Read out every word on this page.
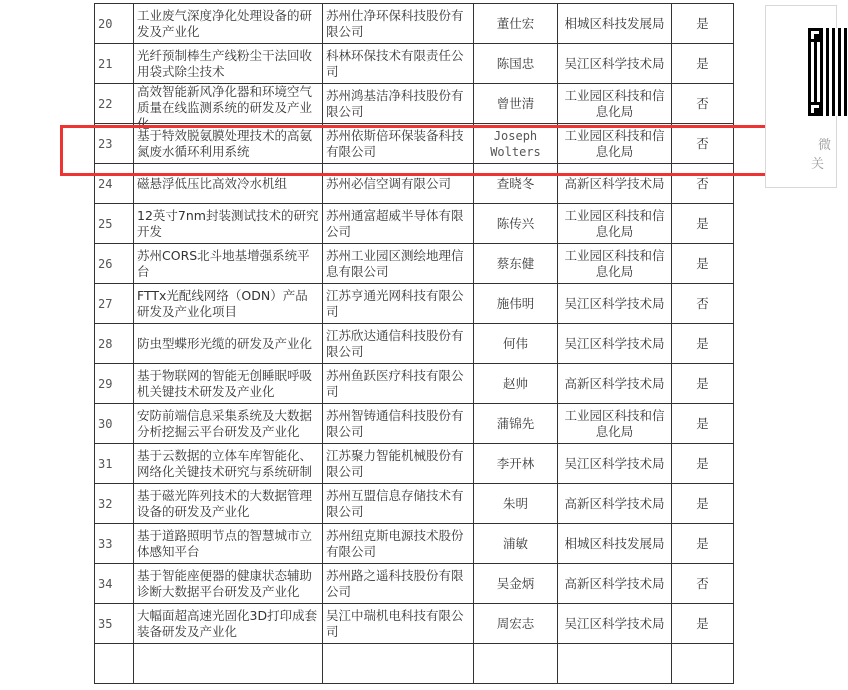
20	工业废气深度净化处理设备的研发及产业化	苏州仕净环保科技股份有限公司	董仕宏	相城区科技发展局	是

21	光纤预制棒生产线粉尘干法回收用袋式除尘技术	科林环保技术有限责任公司	陈国忠	吴江区科学技术局	是

22	高效智能新风净化器和环境空气质量在线监测系统的研发及产业化	苏州鸿基洁净科技股份有限公司	曾世清	工业园区科技和信息化局	否

23	基于特效脱氨膜处理技术的高氨氮废水循环利用系统	苏州依斯倍环保装备科技有限公司	Joseph Wolters	工业园区科技和信息化局	否

24	磁悬浮低压比高效冷水机组	苏州必信空调有限公司	查晓冬	高新区科学技术局	否

25	12英寸7nm封装测试技术的研究开发	苏州通富超威半导体有限公司	陈传兴	工业园区科技和信息化局	是

26	苏州CORS北斗地基增强系统平台	苏州工业园区测绘地理信息有限公司	蔡东健	工业园区科技和信息化局	是

27	FTTx光配线网络（ODN）产品研发及产业化项目	江苏亨通光网科技有限公司	施伟明	吴江区科学技术局	否

28	防虫型蝶形光缆的研发及产业化	江苏欣达通信科技股份有限公司	何伟	吴江区科学技术局	是

29	基于物联网的智能无创睡眠呼吸机关键技术研发及产业化	苏州鱼跃医疗科技有限公司	赵帅	高新区科学技术局	是

30	安防前端信息采集系统及大数据分析挖掘云平台研发及产业化	苏州智铸通信科技股份有限公司	蒲锦先	工业园区科技和信息化局	是

31	基于云数据的立体车库智能化、网络化关键技术研究与系统研制	江苏聚力智能机械股份有限公司	李开林	吴江区科学技术局	是

32	基于磁光阵列技术的大数据管理设备的研发及产业化	苏州互盟信息存储技术有限公司	朱明	高新区科学技术局	是

33	基于道路照明节点的智慧城市立体感知平台	苏州纽克斯电源技术股份有限公司	浦敏	相城区科技发展局	是

34	基于智能座便器的健康状态辅助诊断大数据平台研发及产业化	苏州路之遥科技股份有限公司	吴金炳	高新区科学技术局	否

35	大幅面超高速光固化3D打印成套装备研发及产业化	吴江中瑞机电科技有限公司	周宏志	吴江区科学技术局	是

微
关
